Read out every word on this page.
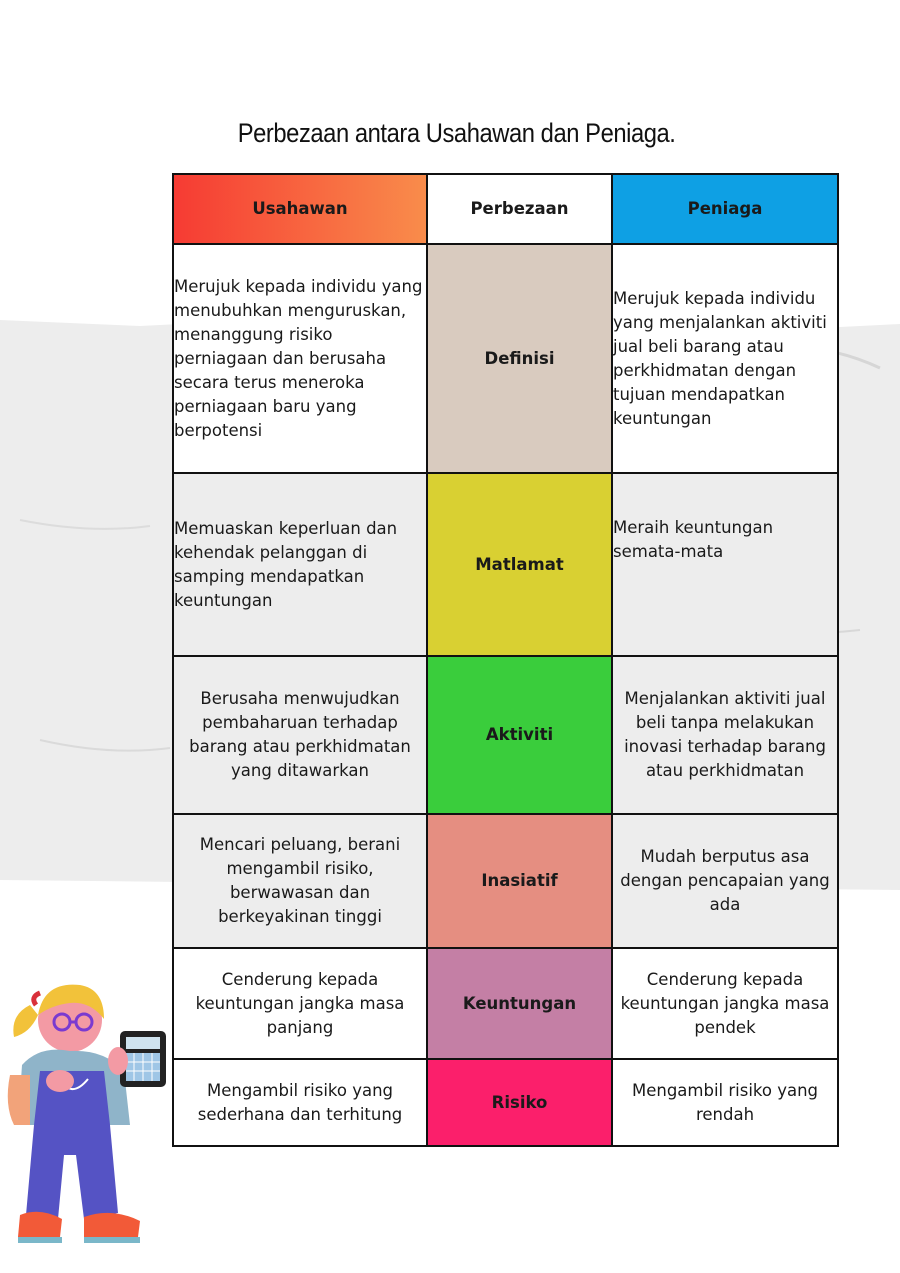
Perbezaan antara Usahawan dan Peniaga.
Usahawan	Perbezaan	Peniaga
Merujuk kepada individu yang menubuhkan menguruskan, menanggung risiko perniagaan dan berusaha secara terus meneroka perniagaan baru yang berpotensi	Definisi	Merujuk kepada individu yang menjalankan aktiviti jual beli barang atau perkhidmatan dengan tujuan mendapatkan keuntungan
Memuaskan keperluan dan kehendak pelanggan di samping mendapatkan keuntungan	Matlamat	Meraih keuntungan semata-mata
Berusaha menwujudkan pembaharuan terhadap barang atau perkhidmatan yang ditawarkan	Aktiviti	Menjalankan aktiviti jual beli tanpa melakukan inovasi terhadap barang atau perkhidmatan
Mencari peluang, berani mengambil risiko, berwawasan dan berkeyakinan tinggi	Inasiatif	Mudah berputus asa dengan pencapaian yang ada
Cenderung kepada keuntungan jangka masa panjang	Keuntungan	Cenderung kepada keuntungan jangka masa pendek
Mengambil risiko yang sederhana dan terhitung	Risiko	Mengambil risiko yang rendah
